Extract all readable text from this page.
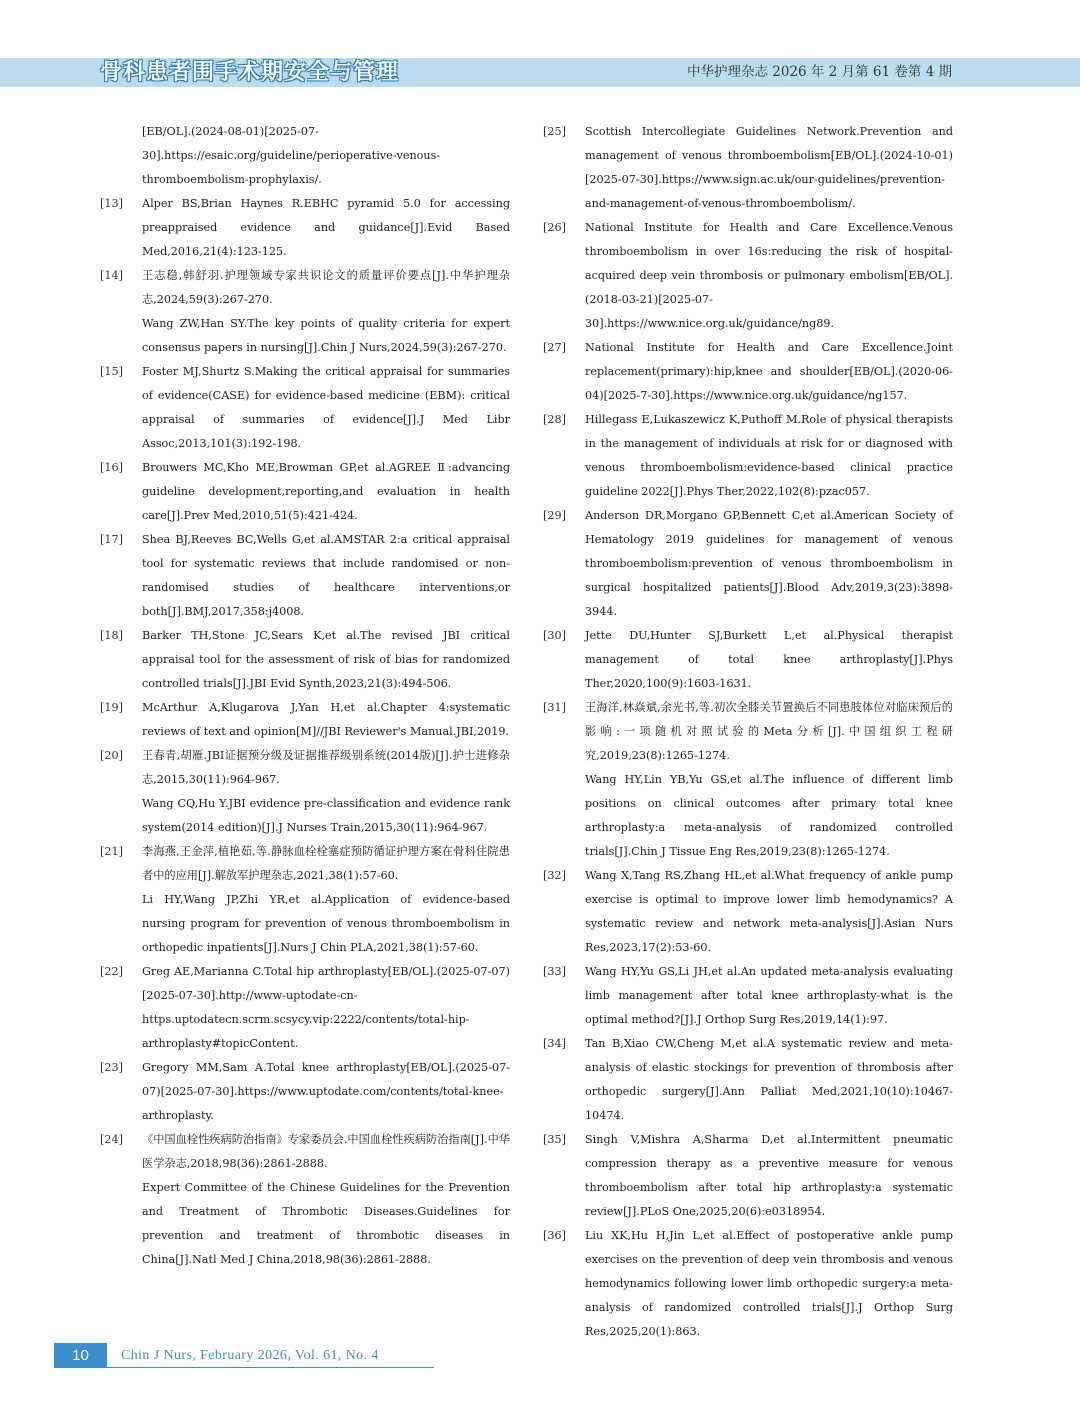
骨科患者围手术期安全与管理	中华护理杂志 2026 年 2 月第 61 卷第 4 期

[EB/OL].(2024-08-01)[2025-07-30].https://esaic.org/guideline/perioperative-venous-thromboembolism-prophylaxis/.

[13]	Alper BS,Brian Haynes R.EBHC pyramid 5.0 for accessing preappraised evidence and guidance[J].Evid Based Med,2016,21(4):123-125.

[14]	王志稳,韩舒羽.护理领域专家共识论文的质量评价要点[J].中华护理杂志,2024,59(3):267-270.

Wang ZW,Han SY.The key points of quality criteria for expert consensus papers in nursing[J].Chin J Nurs,2024,59(3):267-270.

[15]	Foster MJ,Shurtz S.Making the critical appraisal for summaries of evidence(CASE) for evidence-based medicine (EBM): critical appraisal of summaries of evidence[J].J Med Libr Assoc,2013,101(3):192-198.

[16]	Brouwers MC,Kho ME,Browman GP,et al.AGREE Ⅱ:advancing guideline development,reporting,and evaluation in health care[J].Prev Med,2010,51(5):421-424.

[17]	Shea BJ,Reeves BC,Wells G,et al.AMSTAR 2:a critical appraisal tool for systematic reviews that include randomised or non-randomised studies of healthcare interventions,or both[J].BMJ,2017,358:j4008.

[18]	Barker TH,Stone JC,Sears K,et al.The revised JBI critical appraisal tool for the assessment of risk of bias for randomized controlled trials[J].JBI Evid Synth,2023,21(3):494-506.

[19]	McArthur A,Klugarova J,Yan H,et al.Chapter 4:systematic reviews of text and opinion[M]//JBI Reviewer's Manual.JBI,2019.

[20]	王春青,胡雁.JBI证据预分级及证据推荐级别系统(2014版)[J].护士进修杂志,2015,30(11):964-967.

Wang CQ,Hu Y.JBI evidence pre-classification and evidence rank system(2014 edition)[J].J Nurses Train,2015,30(11):964-967.

[21]	李海燕,王金萍,植艳茹,等.静脉血栓栓塞症预防循证护理方案在骨科住院患者中的应用[J].解放军护理杂志,2021,38(1):57-60.

Li HY,Wang JP,Zhi YR,et al.Application of evidence-based nursing program for prevention of venous thromboembolism in orthopedic inpatients[J].Nurs J Chin PLA,2021,38(1):57-60.

[22]	Greg AE,Marianna C.Total hip arthroplasty[EB/OL].(2025-07-07)[2025-07-30].http://www-uptodate-cn-https.uptodatecn.scrm.scsycy.vip:2222/contents/total-hip-arthroplasty#topicContent.

[23]	Gregory MM,Sam A.Total knee arthroplasty[EB/OL].(2025-07-07)[2025-07-30].https://www.uptodate.com/contents/total-knee-arthroplasty.

[24]	《中国血栓性疾病防治指南》专家委员会.中国血栓性疾病防治指南[J].中华医学杂志,2018,98(36):2861-2888.

Expert Committee of the Chinese Guidelines for the Prevention and Treatment of Thrombotic Diseases.Guidelines for prevention and treatment of thrombotic diseases in China[J].Natl Med J China,2018,98(36):2861-2888.

[25]	Scottish Intercollegiate Guidelines Network.Prevention and management of venous thromboembolism[EB/OL].(2024-10-01)[2025-07-30].https://www.sign.ac.uk/our-guidelines/prevention-and-management-of-venous-thromboembolism/.

[26]	National Institute for Health and Care Excellence.Venous thromboembolism in over 16s:reducing the risk of hospital-acquired deep vein thrombosis or pulmonary embolism[EB/OL].(2018-03-21)[2025-07-30].https://www.nice.org.uk/guidance/ng89.

[27]	National Institute for Health and Care Excellence.Joint replacement(primary):hip,knee and shoulder[EB/OL].(2020-06-04)[2025-7-30].https://www.nice.org.uk/guidance/ng157.

[28]	Hillegass E,Lukaszewicz K,Puthoff M.Role of physical therapists in the management of individuals at risk for or diagnosed with venous thromboembolism:evidence-based clinical practice guideline 2022[J].Phys Ther,2022,102(8):pzac057.

[29]	Anderson DR,Morgano GP,Bennett C,et al.American Society of Hematology 2019 guidelines for management of venous thromboembolism:prevention of venous thromboembolism in surgical hospitalized patients[J].Blood Adv,2019,3(23):3898-3944.

[30]	Jette DU,Hunter SJ,Burkett L,et al.Physical therapist management of total knee arthroplasty[J].Phys Ther,2020,100(9):1603-1631.

[31]	王海洋,林焱斌,余光书,等.初次全膝关节置换后不同患肢体位对临床预后的影响:一项随机对照试验的Meta分析[J].中国组织工程研究,2019,23(8):1265-1274.

Wang HY,Lin YB,Yu GS,et al.The influence of different limb positions on clinical outcomes after primary total knee arthroplasty:a meta-analysis of randomized controlled trials[J].Chin J Tissue Eng Res,2019,23(8):1265-1274.

[32]	Wang X,Tang RS,Zhang HL,et al.What frequency of ankle pump exercise is optimal to improve lower limb hemodynamics? A systematic review and network meta-analysis[J].Asian Nurs Res,2023,17(2):53-60.

[33]	Wang HY,Yu GS,Li JH,et al.An updated meta-analysis evaluating limb management after total knee arthroplasty-what is the optimal method?[J].J Orthop Surg Res,2019,14(1):97.

[34]	Tan B,Xiao CW,Cheng M,et al.A systematic review and meta-analysis of elastic stockings for prevention of thrombosis after orthopedic surgery[J].Ann Palliat Med,2021,10(10):10467-10474.

[35]	Singh V,Mishra A,Sharma D,et al.Intermittent pneumatic compression therapy as a preventive measure for venous thromboembolism after total hip arthroplasty:a systematic review[J].PLoS One,2025,20(6):e0318954.

[36]	Liu XK,Hu H,Jin L,et al.Effect of postoperative ankle pump exercises on the prevention of deep vein thrombosis and venous hemodynamics following lower limb orthopedic surgery:a meta-analysis of randomized controlled trials[J].J Orthop Surg Res,2025,20(1):863.

10	Chin J Nurs, February 2026, Vol. 61, No. 4
